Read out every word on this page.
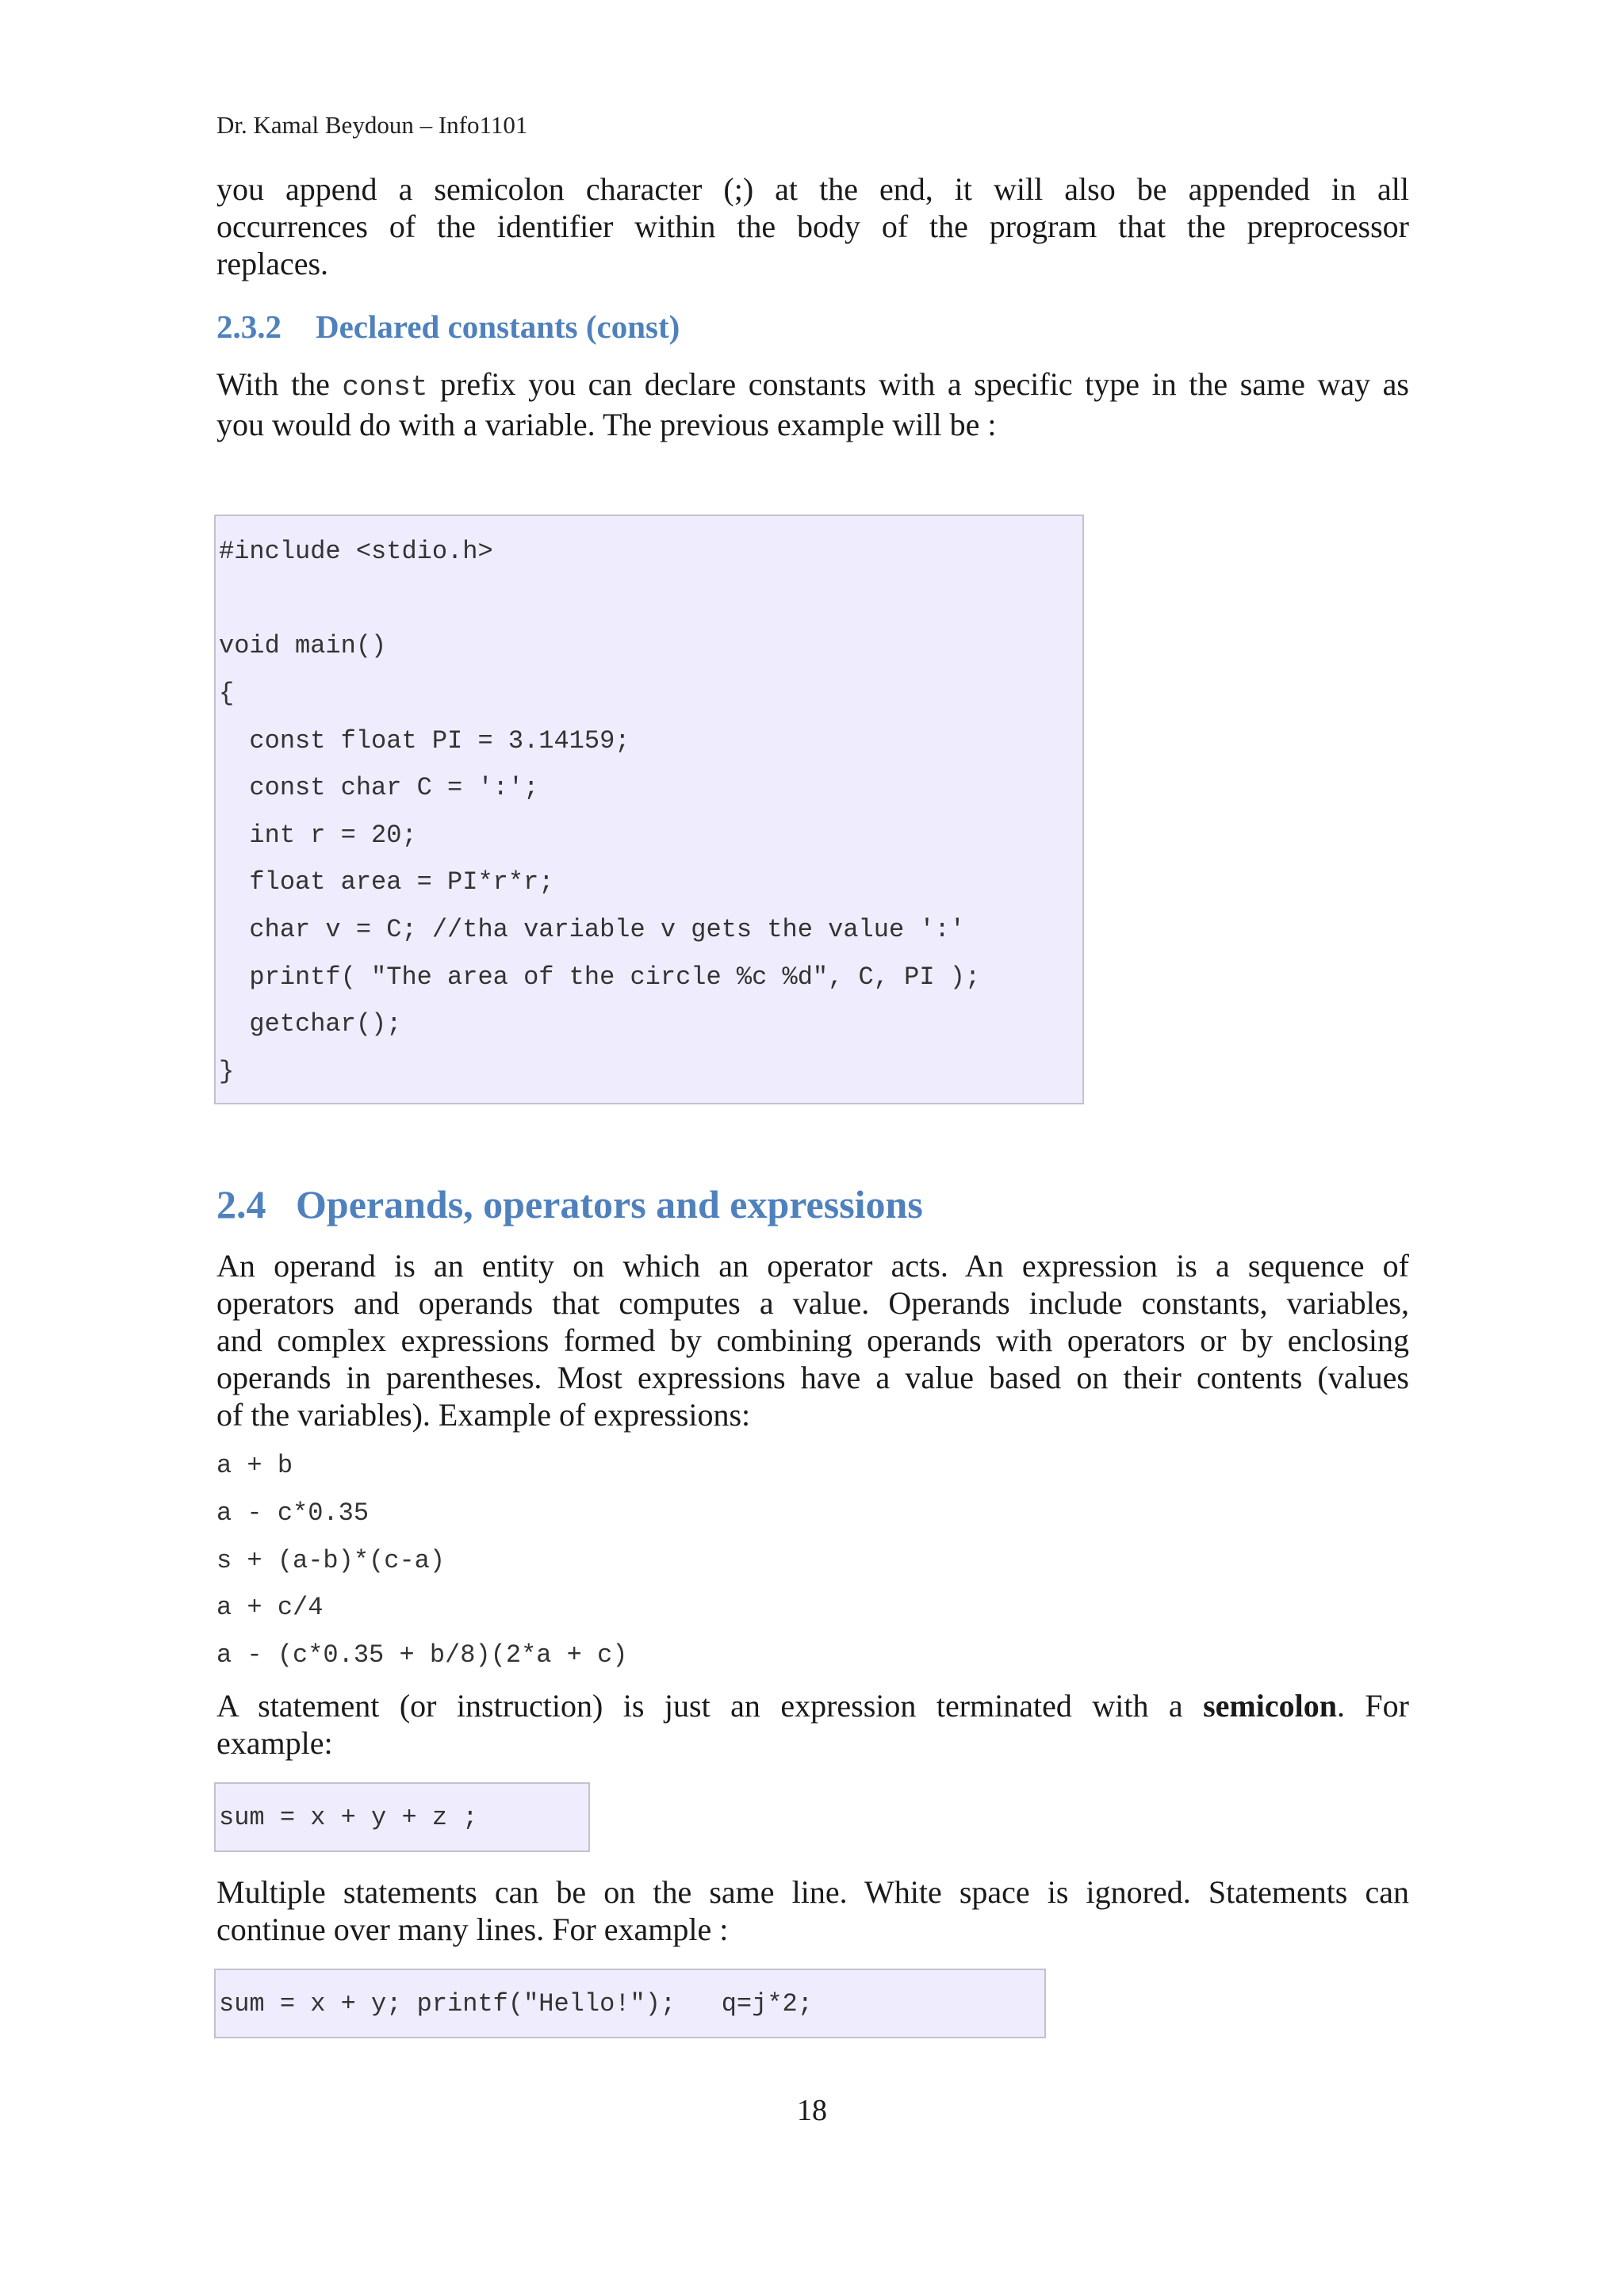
Dr. Kamal Beydoun – Info1101

you append a semicolon character (;) at the end, it will also be appended in all
occurrences of the identifier within the body of the program that the preprocessor
replaces.

2.3.2 Declared constants (const)

With the const prefix you can declare constants with a specific type in the same way as
you would do with a variable. The previous example will be :

#include <stdio.h>
void main()
{
const float PI = 3.14159;
const char C = ':';
int r = 20;
float area = PI*r*r;
char v = C; //tha variable v gets the value ':'
printf( "The area of the circle %c %d", C, PI );
getchar();
}
2.4 Operands, operators and expressions

An operand is an entity on which an operator acts. An expression is a sequence of
operators and operands that computes a value. Operands include constants, variables,
and complex expressions formed by combining operands with operators or by enclosing
operands in parentheses. Most expressions have a value based on their contents (values
of the variables). Example of expressions:

a + b
a - c*0.35
s + (a-b)*(c-a)
a + c/4
a - (c*0.35 + b/8)(2*a + c)

A statement (or instruction) is just an expression terminated with a semicolon. For
example:

sum = x + y + z ;

Multiple statements can be on the same line. White space is ignored. Statements can
continue over many lines. For example :

sum = x + y; printf("Hello!");   q=j*2;
18
